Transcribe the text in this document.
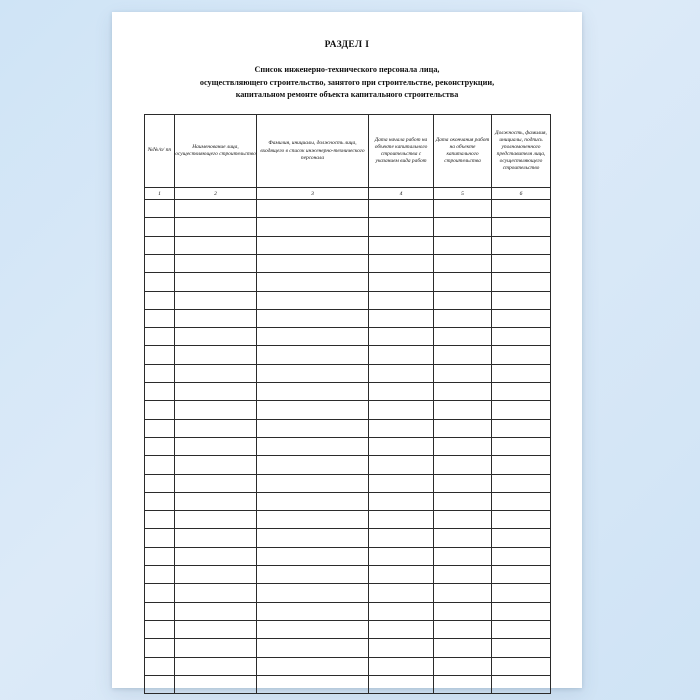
РАЗДЕЛ I
Список инженерно-технического персонала лица,
осуществляющего строительство, занятого при строительстве, реконструкции,
капитальном ремонте объекта капитального строительства
№№/п/ пп	Наименование лица, осуществляющего строительство	Фамилия, инициалы, должность лица, входящего в список инженерно-технического персонала	Дата начала работ на объекте капитального строительства с указанием вида работ	Дата окончания работ на объекте капитального строительства	Должность, фамилия, инициалы, подпись уполномоченного представителя лица, осуществляющего строительство
1	2	3	4	5	6
